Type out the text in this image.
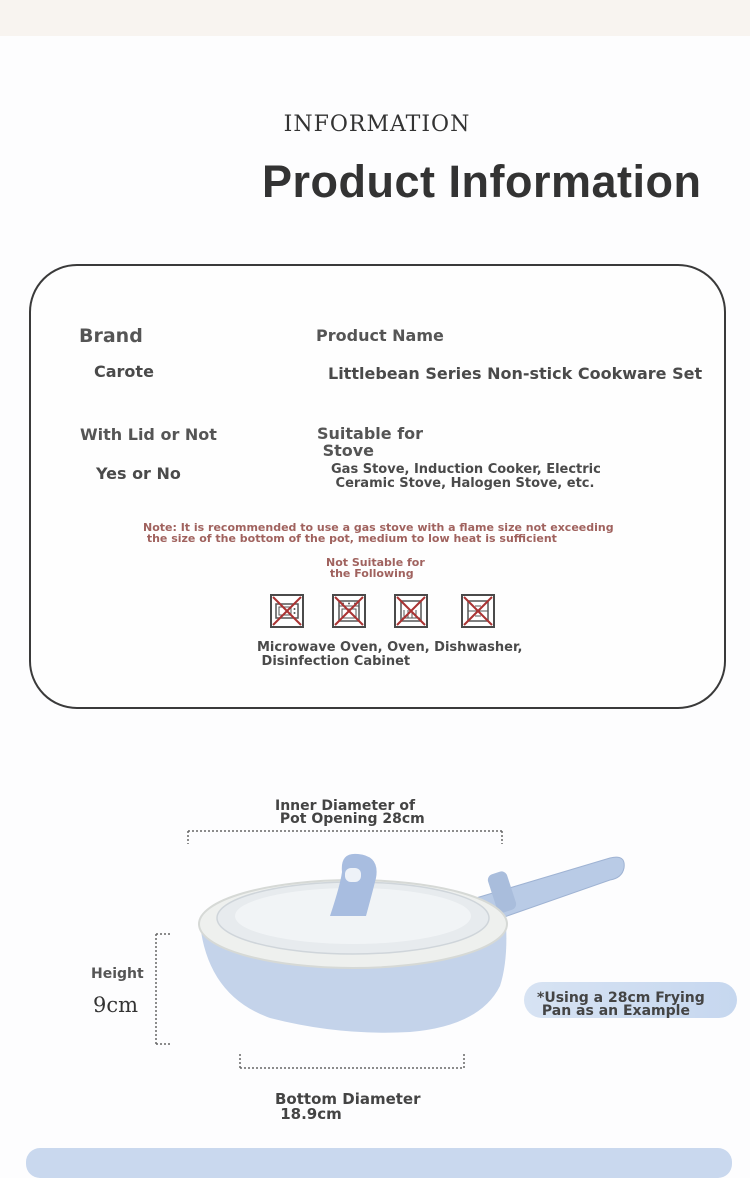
INFORMATION
Product Information
Brand
Carote
Product Name
Littlebean Series Non-stick Cookware Set
With Lid or Not
Yes or No
Suitable for
Stove
Gas Stove, Induction Cooker, Electric
Ceramic Stove, Halogen Stove, etc.
Note: It is recommended to use a gas stove with a flame size not exceeding
the size of the bottom of the pot, medium to low heat is sufficient
Not Suitable for
the Following
Microwave Oven, Oven, Dishwasher,
Disinfection Cabinet
Inner Diameter of
Pot Opening 28cm
Height
9cm	*Using a 28cm Frying
Pan as an Example
Bottom Diameter
18.9cm
